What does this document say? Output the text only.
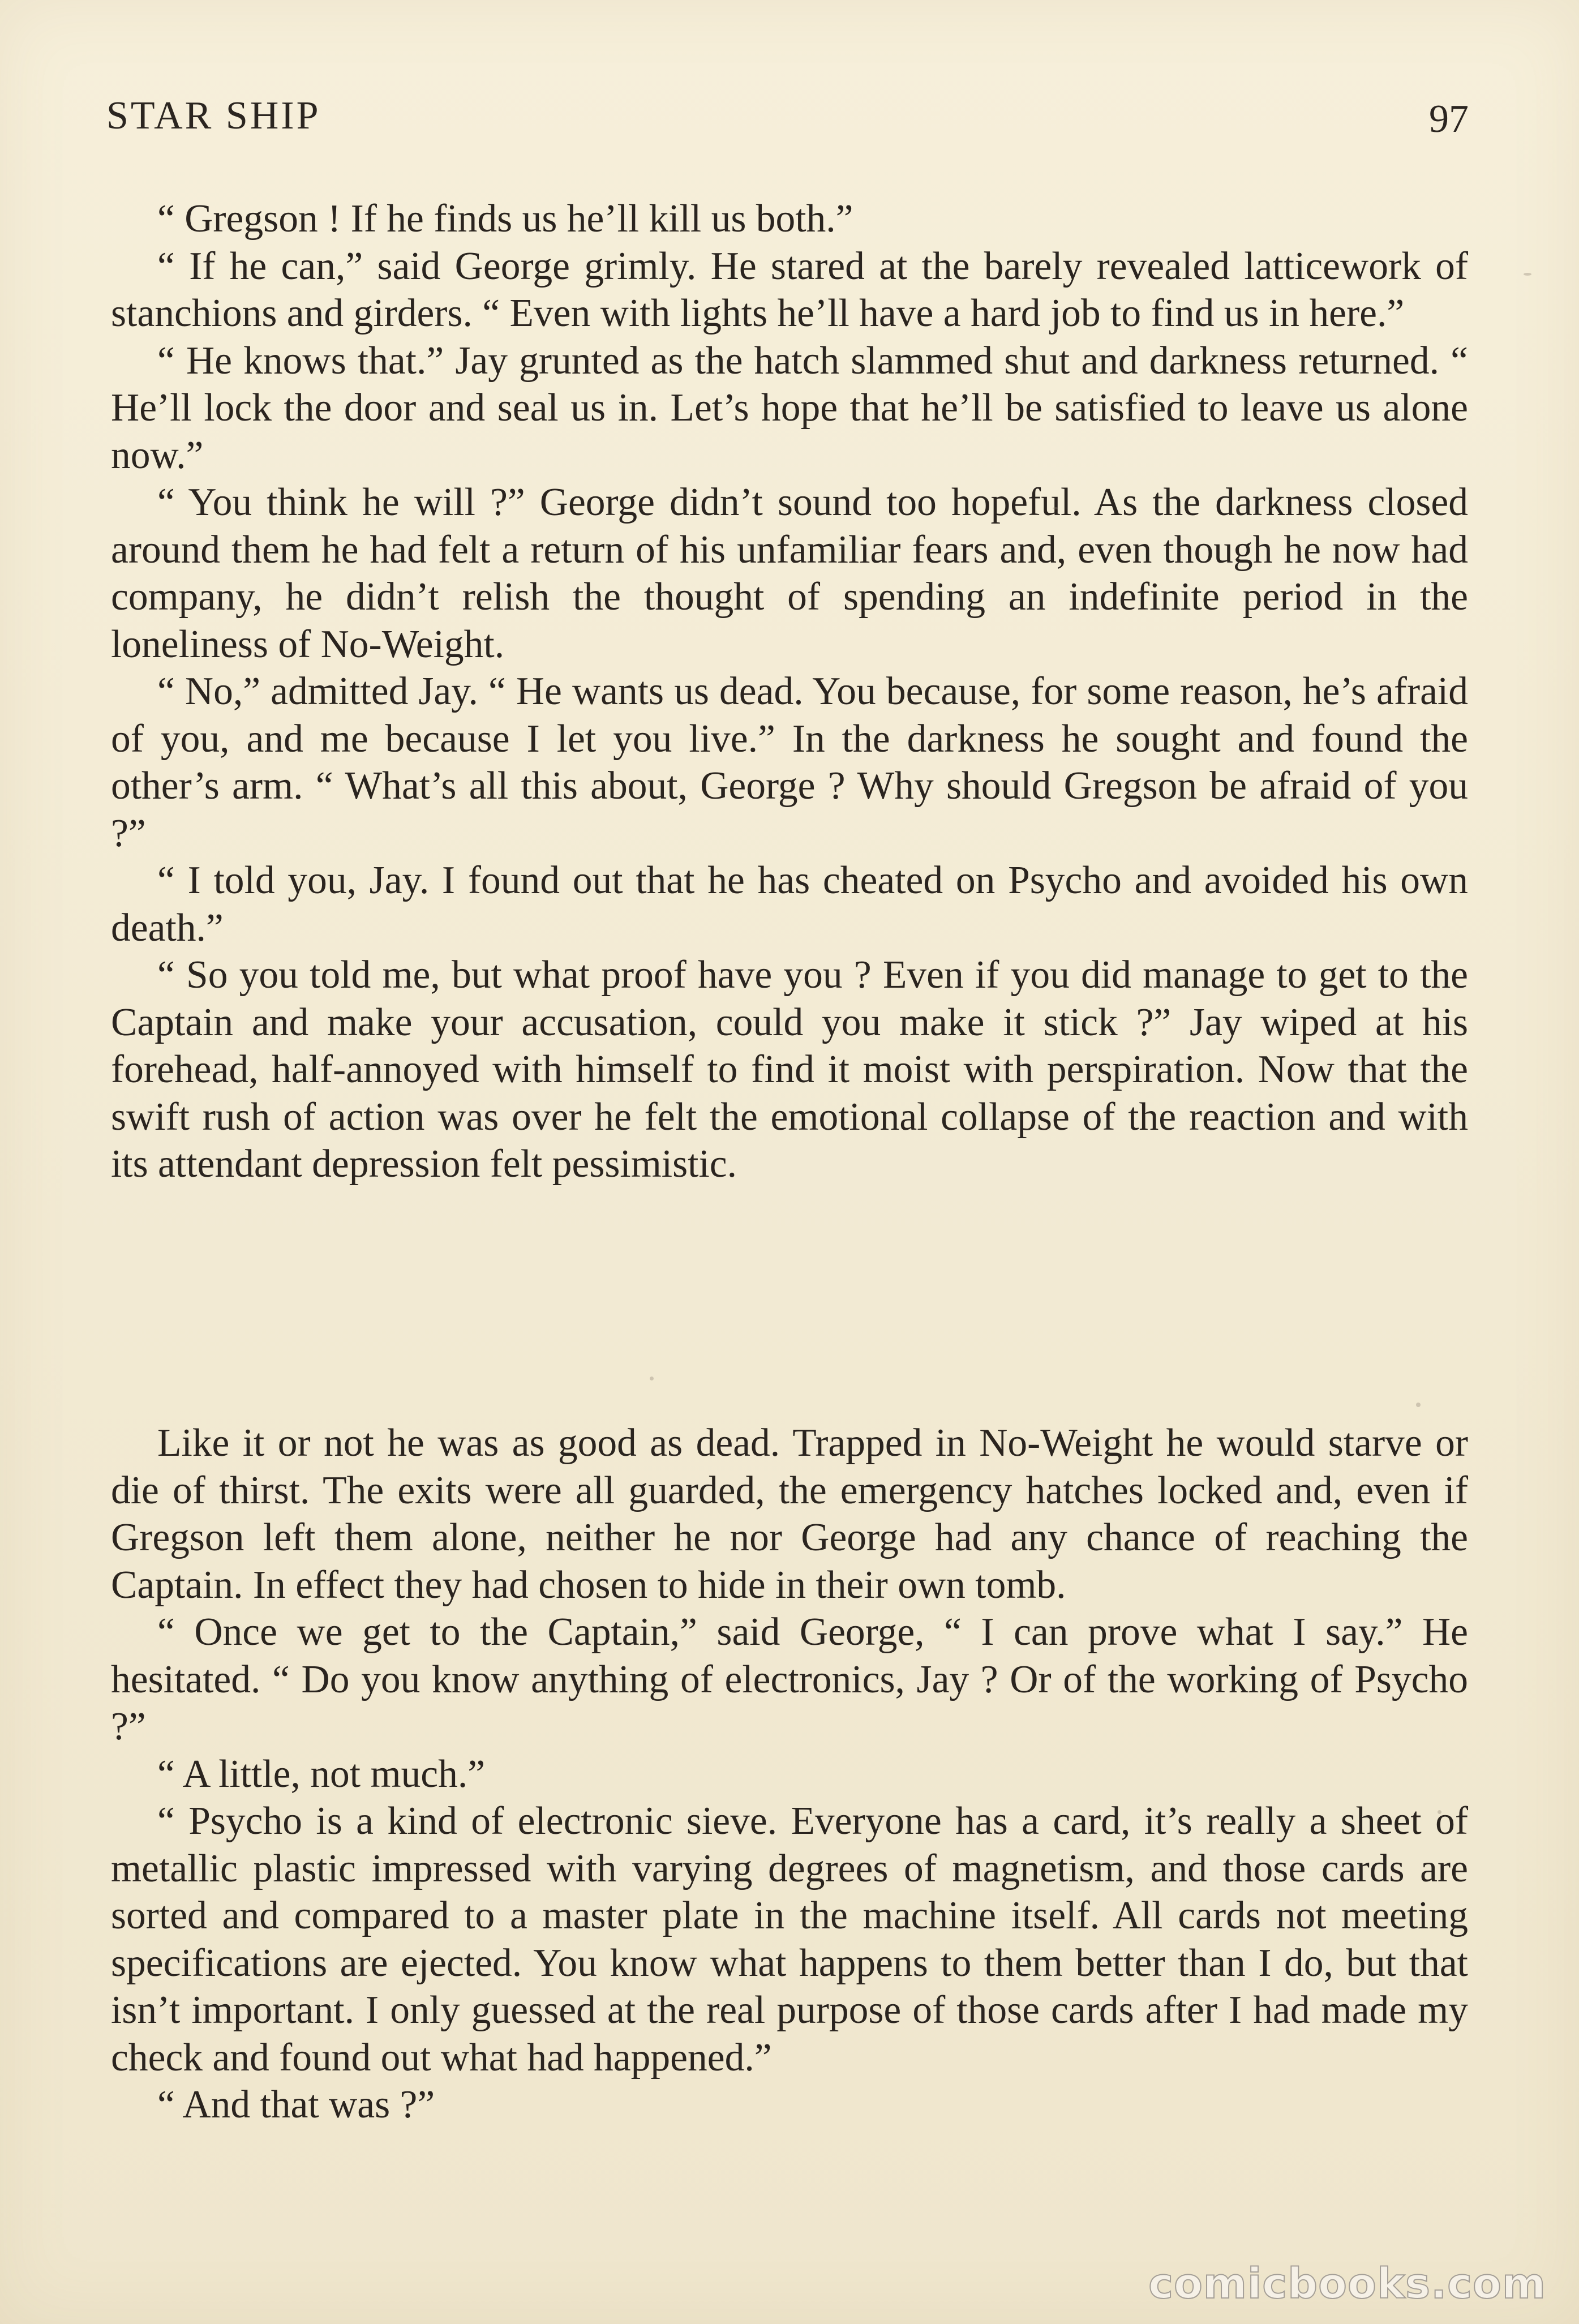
STAR SHIP	97

“ Gregson ! If he finds us he’ll kill us both.”

“ If he can,” said George grimly. He stared at the barely revealed latticework of stanchions and girders. “ Even with lights he’ll have a hard job to find us in here.”

“ He knows that.” Jay grunted as the hatch slammed shut and darkness returned. “ He’ll lock the door and seal us in. Let’s hope that he’ll be satisfied to leave us alone now.”

“ You think he will ?” George didn’t sound too hopeful. As the darkness closed around them he had felt a return of his unfamiliar fears and, even though he now had company, he didn’t relish the thought of spending an indefinite period in the loneliness of No-Weight.

“ No,” admitted Jay. “ He wants us dead. You because, for some reason, he’s afraid of you, and me because I let you live.” In the darkness he sought and found the other’s arm. “ What’s all this about, George ? Why should Gregson be afraid of you ?”

“ I told you, Jay. I found out that he has cheated on Psycho and avoided his own death.”

“ So you told me, but what proof have you ? Even if you did manage to get to the Captain and make your accusation, could you make it stick ?” Jay wiped at his forehead, half-annoyed with himself to find it moist with perspiration. Now that the swift rush of action was over he felt the emotional collapse of the reaction and with its attendant depression felt pessimistic.

Like it or not he was as good as dead. Trapped in No-Weight he would starve or die of thirst. The exits were all guarded, the emergency hatches locked and, even if Gregson left them alone, neither he nor George had any chance of reaching the Captain. In effect they had chosen to hide in their own tomb.

“ Once we get to the Captain,” said George, “ I can prove what I say.” He hesitated. “ Do you know anything of electronics, Jay ? Or of the working of Psycho ?”

“ A little, not much.”

“ Psycho is a kind of electronic sieve. Everyone has a card, it’s really a sheet of metallic plastic impressed with varying degrees of magnetism, and those cards are sorted and compared to a master plate in the machine itself. All cards not meeting specifications are ejected. You know what happens to them better than I do, but that isn’t important. I only guessed at the real purpose of those cards after I had made my check and found out what had happened.”

“ And that was ?”

comicbooks.com
